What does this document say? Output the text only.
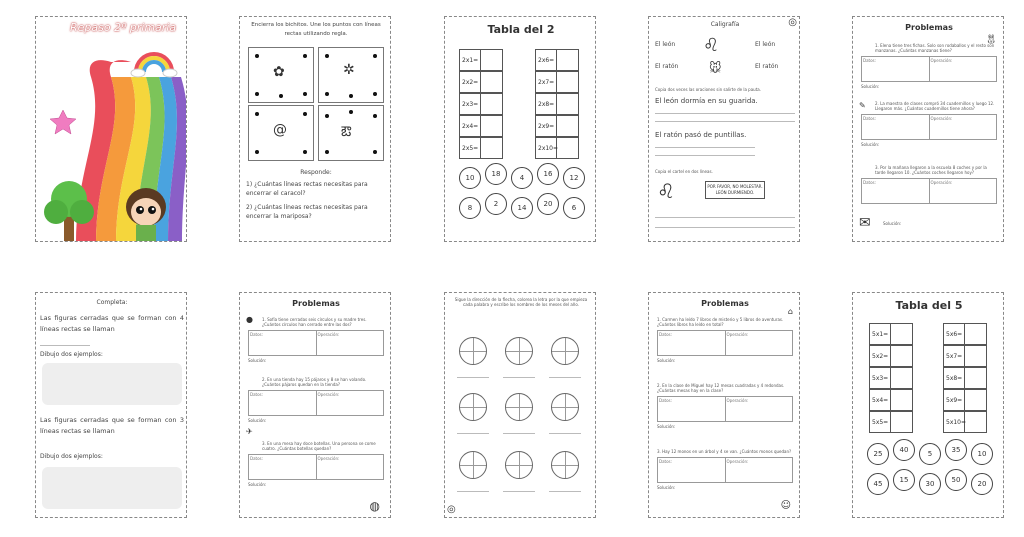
Repaso 2º primaria	Encierra los bichitos. Une los puntos con líneas rectas utilizando regla.
✿	✲
@	ఔ
Responde:
1) ¿Cuántas líneas rectas necesitas para encerrar el caracol?
2) ¿Cuántas líneas rectas necesitas para encerrar la mariposa?
Tabla del 2
2x1=
2x2=
2x3=
2x4=
2x5=
2x6=
2x7=
2x8=
2x9=
2x10=
10	18	4	16	12
8	2	14	20	6
Caligrafía	◎
El león ♌	El león
El ratón	🐭︎	El ratón
Copia dos veces las oraciones sin salirte de la pauta.
El león dormía en su guarida.
El ratón pasó de puntillas.
Copia el cartel en dos líneas.
♌	POR FAVOR, NO MOLESTAR.
LEÓN DURMIENDO.
Problemas
🐰︎
1. Elena tiene tres fichas. Solo son rodaballos y el resto son manzanas. ¿Cuántas manzanas tiene?
Datos:	Operación:
Solución:
✎	2. La maestra de clases compró 34 cuadernillos y luego 12. Llegaron más. ¿Cuántos cuadernillos tiene ahora?
Datos:	Operación:
Solución:
3. Por la mañana llegaron a la escuela 8 coches y por la tarde llegaron 10. ¿Cuántos coches llegaron hoy?
Datos:	Operación:
✉	Solución:
Completa:
Las figuras cerradas que se forman con 4 líneas rectas se llaman
Dibujo dos ejemplos:
Las figuras cerradas que se forman con 3 líneas rectas se llaman
Dibujo dos ejemplos:
Problemas
●	1. Sofía tiene cerradas seis círculos y su madre tres. ¿Cuántos círculos han cerrado entre las dos?
Datos:	Operación:
Solución:
2. En una tienda hay 15 pájaros y 8 se han volando. ¿Cuántos pájaros quedan en la tienda?
Datos:	Operación:
Solución:
✈
3. En una mesa hay doce botellas. Una persona se come cuatro. ¿Cuántas botellas quedan?
Datos:	Operación:
Solución:
◍
Sigue la dirección de la flecha, colorea la letra por la que empieza cada palabra y escribe los nombres de los meses del año.
◎
Problemas
⌂
1. Carmen ha leído 7 libros de misterio y 5 libros de aventuras. ¿Cuántos libros ha leído en total?
Datos:	Operación:
Solución:
2. En la clase de Miguel hay 12 mesas cuadradas y 4 redondas. ¿Cuántas mesas hay en la clase?
Datos:	Operación:
Solución:
3. Hay 12 monos en un árbol y 4 se van. ¿Cuántos monos quedan?
Datos:	Operación:
Solución:
☺
Tabla del 5
5x1=
5x2=
5x3=
5x4=
5x5=
5x6=
5x7=
5x8=
5x9=
5x10=
25	40	5	35	10
45	15	30	50	20
